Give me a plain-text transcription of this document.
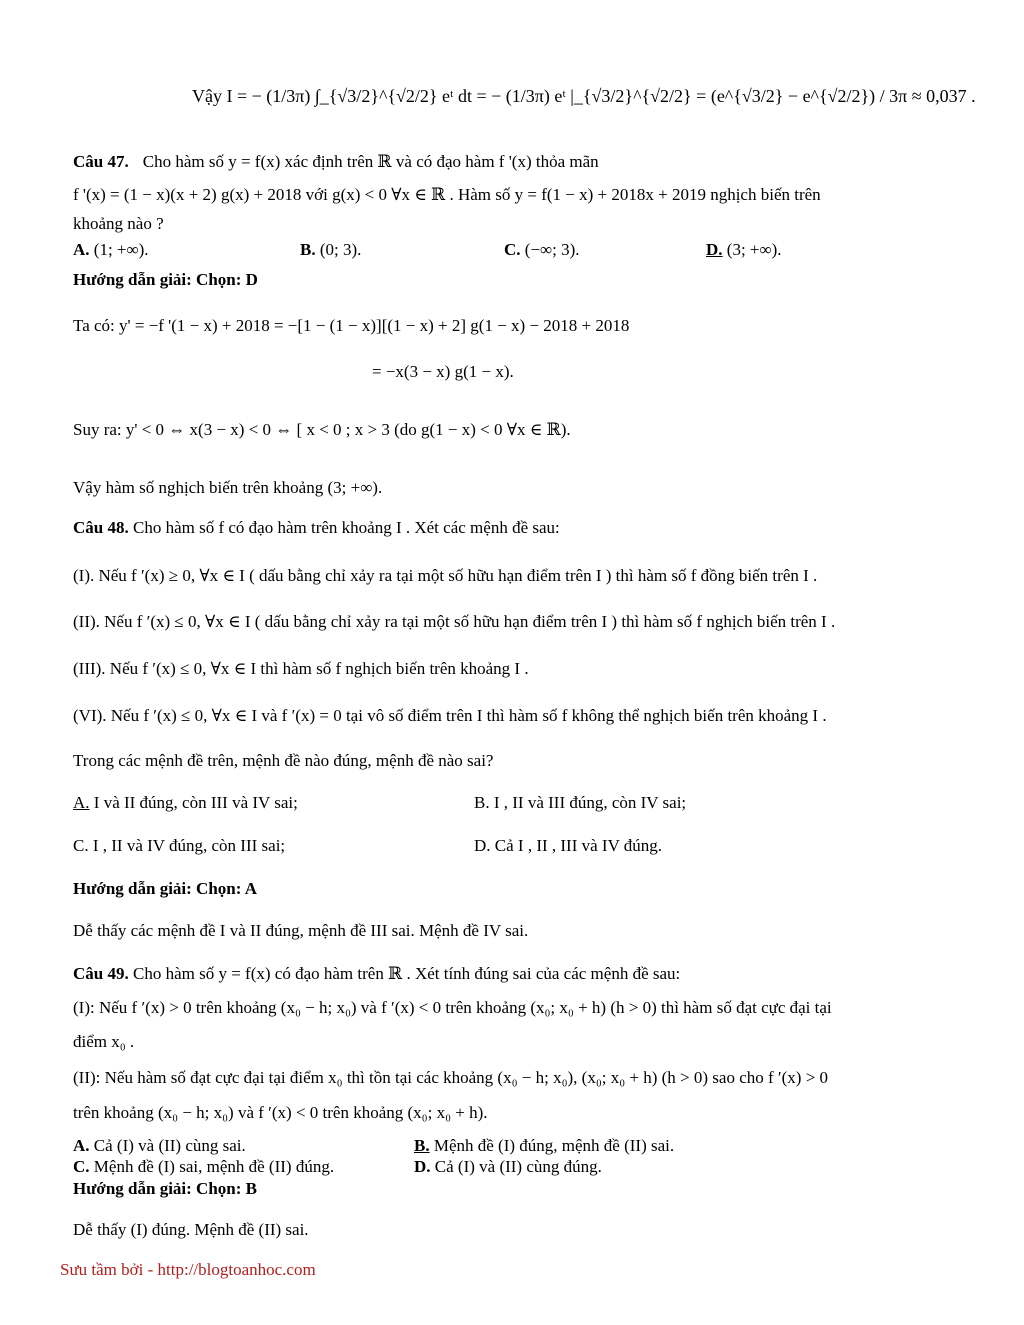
Vậy I = − (1/3π) ∫_{√3/2}^{√2/2} eᵗ dt = − (1/3π) eᵗ |_{√3/2}^{√2/2} = (e^{√3/2} − e^{√2/2}) / 3π ≈ 0,037 .
Câu 47. Cho hàm số y = f(x) xác định trên ℝ và có đạo hàm f '(x) thỏa mãn
f '(x) = (1 − x)(x + 2) g(x) + 2018 với g(x) < 0 ∀x ∈ ℝ . Hàm số y = f(1 − x) + 2018x + 2019 nghịch biến trên
khoảng nào ?
A. (1; +∞).	B. (0; 3).	C. (−∞; 3).	D. (3; +∞).
Hướng dẫn giải: Chọn: D
Ta có: y' = −f '(1 − x) + 2018 = −[1 − (1 − x)][(1 − x) + 2] g(1 − x) − 2018 + 2018
= −x(3 − x) g(1 − x).
Suy ra: y' < 0 ⇔ x(3 − x) < 0 ⇔ [ x < 0 ; x > 3 (do g(1 − x) < 0 ∀x ∈ ℝ).
Vậy hàm số nghịch biến trên khoảng (3; +∞).
Câu 48. Cho hàm số f có đạo hàm trên khoảng I . Xét các mệnh đề sau:
(I). Nếu f ′(x) ≥ 0, ∀x ∈ I ( dấu bằng chỉ xảy ra tại một số hữu hạn điểm trên I ) thì hàm số f đồng biến trên I .
(II). Nếu f ′(x) ≤ 0, ∀x ∈ I ( dấu bằng chỉ xảy ra tại một số hữu hạn điểm trên I ) thì hàm số f nghịch biến trên I .
(III). Nếu f ′(x) ≤ 0, ∀x ∈ I thì hàm số f nghịch biến trên khoảng I .
(VI). Nếu f ′(x) ≤ 0, ∀x ∈ I và f ′(x) = 0 tại vô số điểm trên I thì hàm số f không thể nghịch biến trên khoảng I .
Trong các mệnh đề trên, mệnh đề nào đúng, mệnh đề nào sai?
A. I và II đúng, còn III và IV sai;	B. I , II và III đúng, còn IV sai;
C. I , II và IV đúng, còn III sai;	D. Cả I , II , III và IV đúng.
Hướng dẫn giải: Chọn: A
Dễ thấy các mệnh đề I và II đúng, mệnh đề III sai. Mệnh đề IV sai.
Câu 49. Cho hàm số y = f(x) có đạo hàm trên ℝ . Xét tính đúng sai của các mệnh đề sau:
(I): Nếu f ′(x) > 0 trên khoảng (x₀ − h; x₀) và f ′(x) < 0 trên khoảng (x₀; x₀ + h) (h > 0) thì hàm số đạt cực đại tại
điểm x₀ .
(II): Nếu hàm số đạt cực đại tại điểm x₀ thì tồn tại các khoảng (x₀ − h; x₀), (x₀; x₀ + h) (h > 0) sao cho f ′(x) > 0
trên khoảng (x₀ − h; x₀) và f ′(x) < 0 trên khoảng (x₀; x₀ + h).
A. Cả (I) và (II) cùng sai.	B. Mệnh đề (I) đúng, mệnh đề (II) sai.
C. Mệnh đề (I) sai, mệnh đề (II) đúng.	D. Cả (I) và (II) cùng đúng.
Hướng dẫn giải: Chọn: B
Dễ thấy (I) đúng. Mệnh đề (II) sai.
Sưu tầm bởi - http://blogtoanhoc.com
